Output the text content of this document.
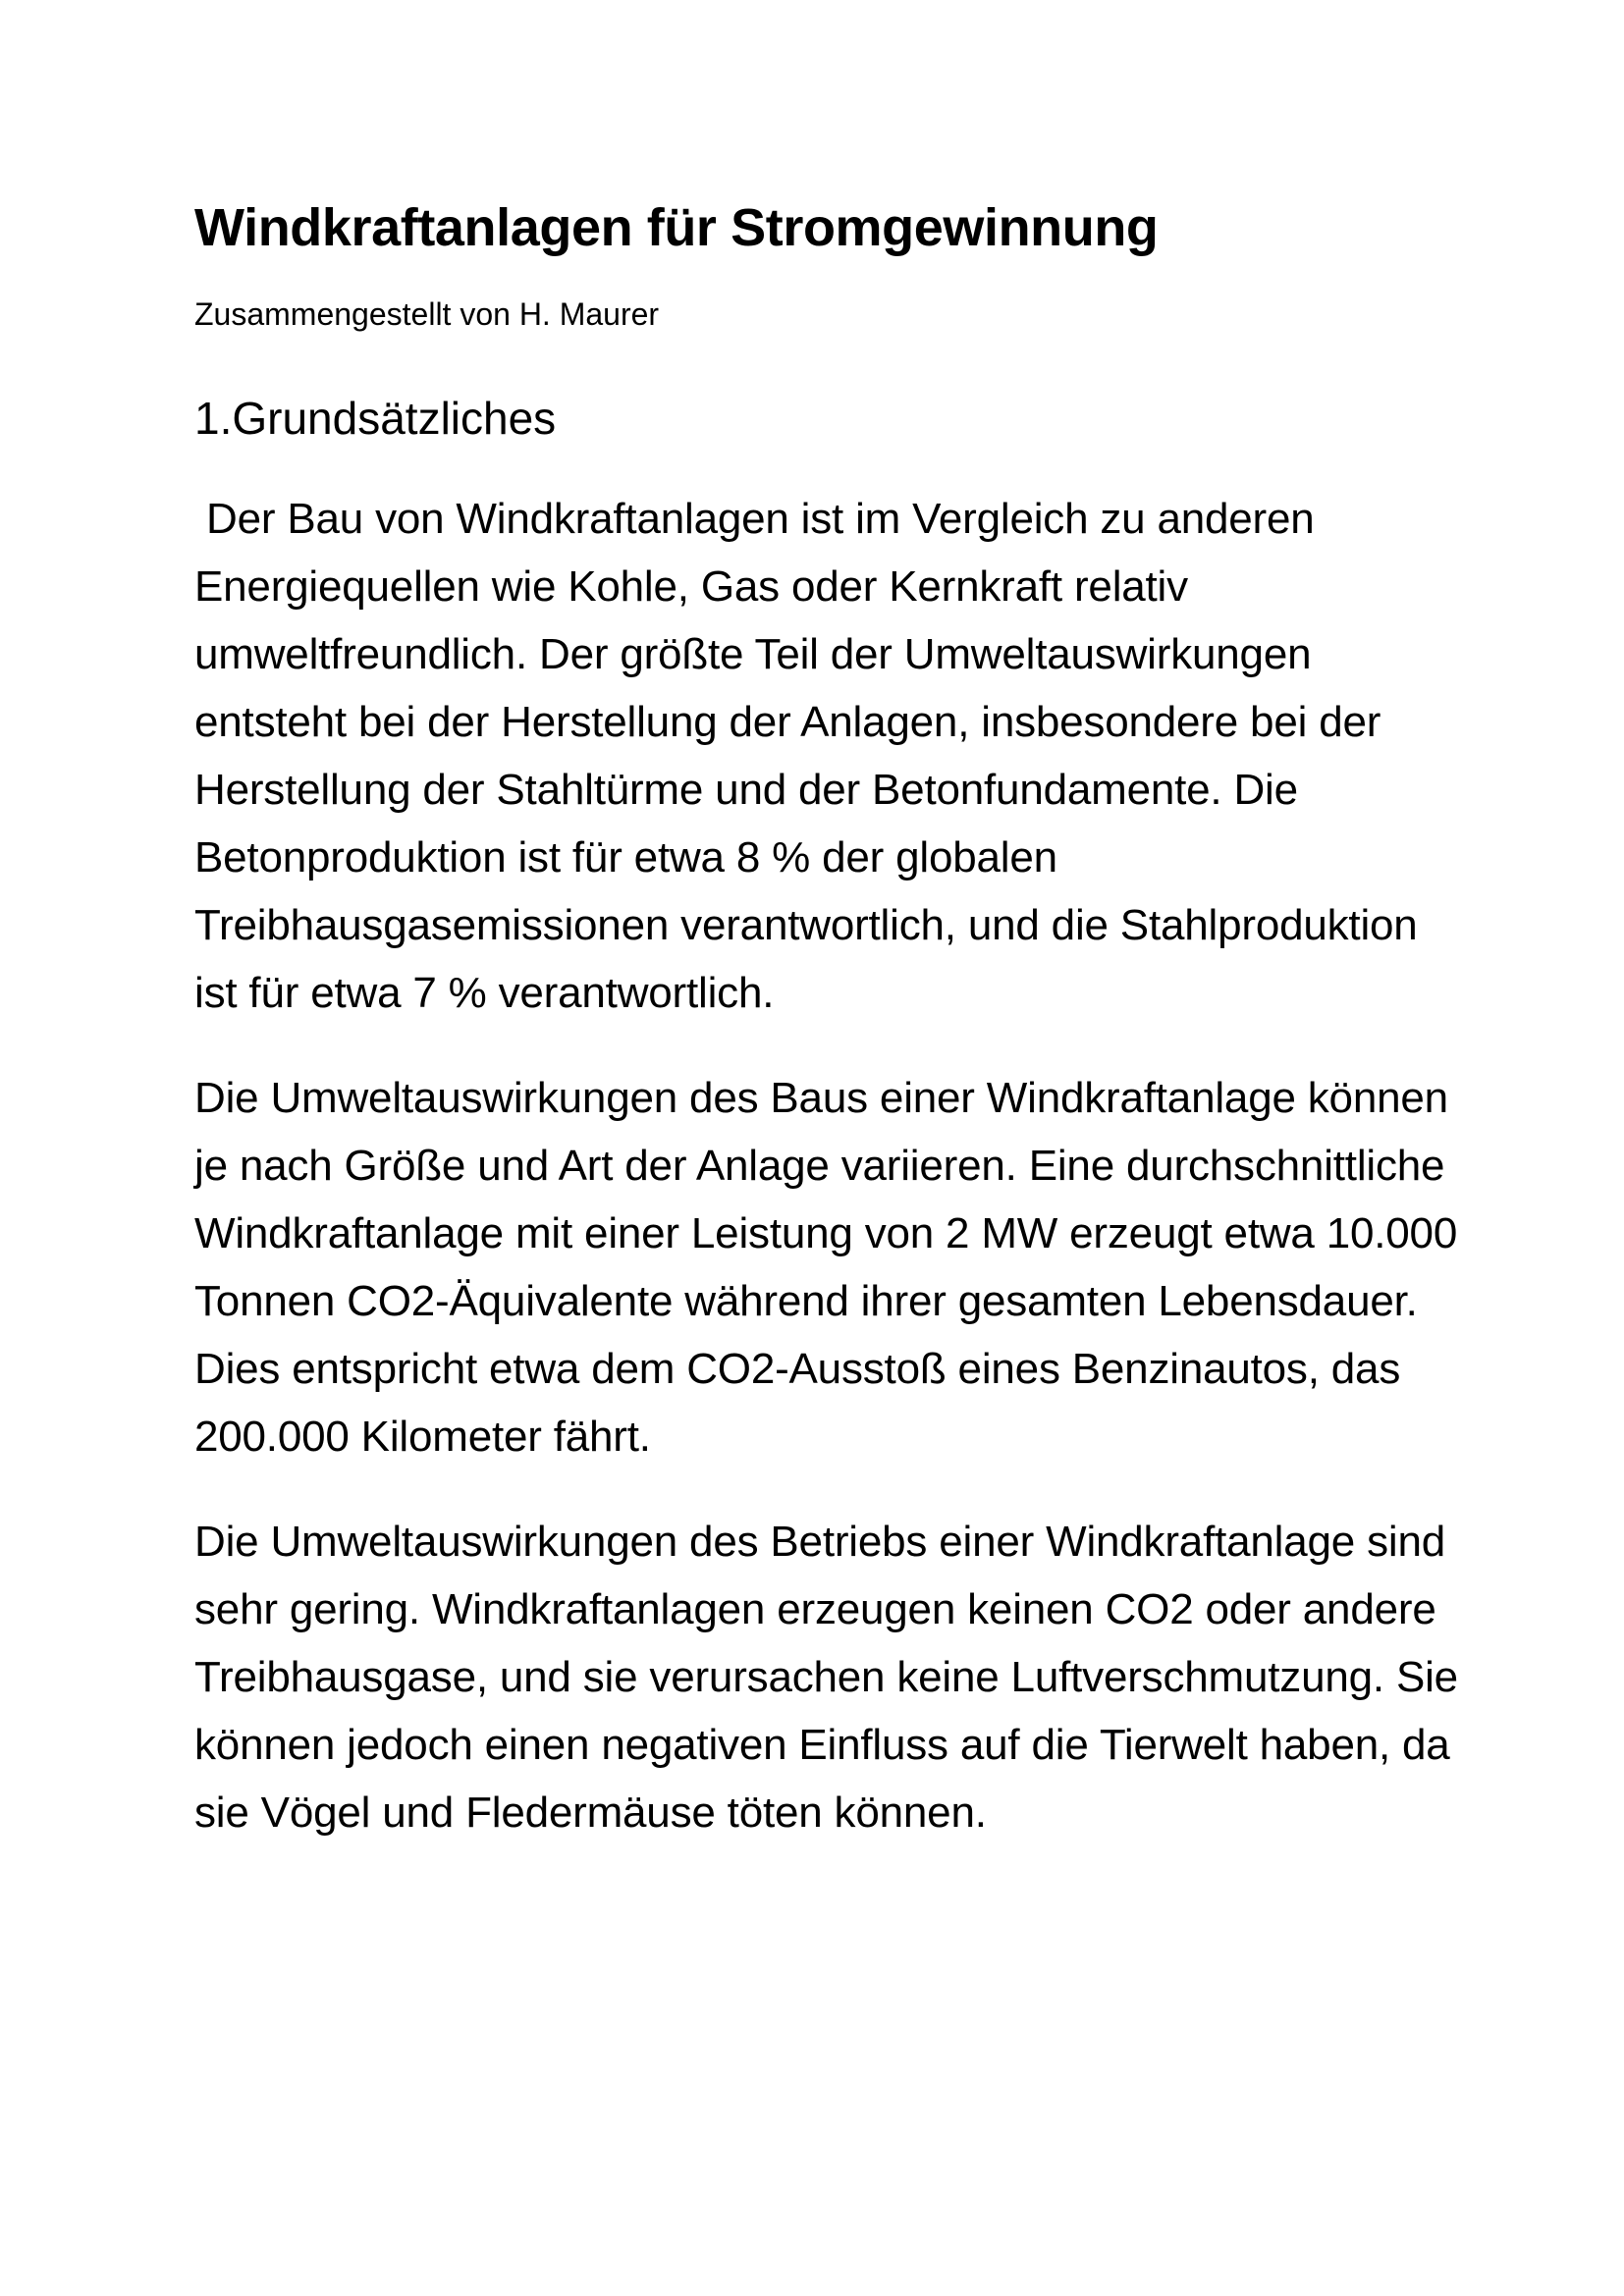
Windkraftanlagen für Stromgewinnung

Zusammengestellt von H. Maurer

1.Grundsätzliches

Der Bau von Windkraftanlagen ist im Vergleich zu anderen Energiequellen wie Kohle, Gas oder Kernkraft relativ umweltfreundlich. Der größte Teil der Umweltauswirkungen entsteht bei der Herstellung der Anlagen, insbesondere bei der Herstellung der Stahltürme und der Betonfundamente. Die Betonproduktion ist für etwa 8 % der globalen Treibhausgasemissionen verantwortlich, und die Stahlproduktion ist für etwa 7 % verantwortlich.

Die Umweltauswirkungen des Baus einer Windkraftanlage können je nach Größe und Art der Anlage variieren. Eine durchschnittliche Windkraftanlage mit einer Leistung von 2 MW erzeugt etwa 10.000 Tonnen CO2-Äquivalente während ihrer gesamten Lebensdauer. Dies entspricht etwa dem CO2-Ausstoß eines Benzinautos, das 200.000 Kilometer fährt.

Die Umweltauswirkungen des Betriebs einer Windkraftanlage sind sehr gering. Windkraftanlagen erzeugen keinen CO2 oder andere Treibhausgase, und sie verursachen keine Luftverschmutzung. Sie können jedoch einen negativen Einfluss auf die Tierwelt haben, da sie Vögel und Fledermäuse töten können.
